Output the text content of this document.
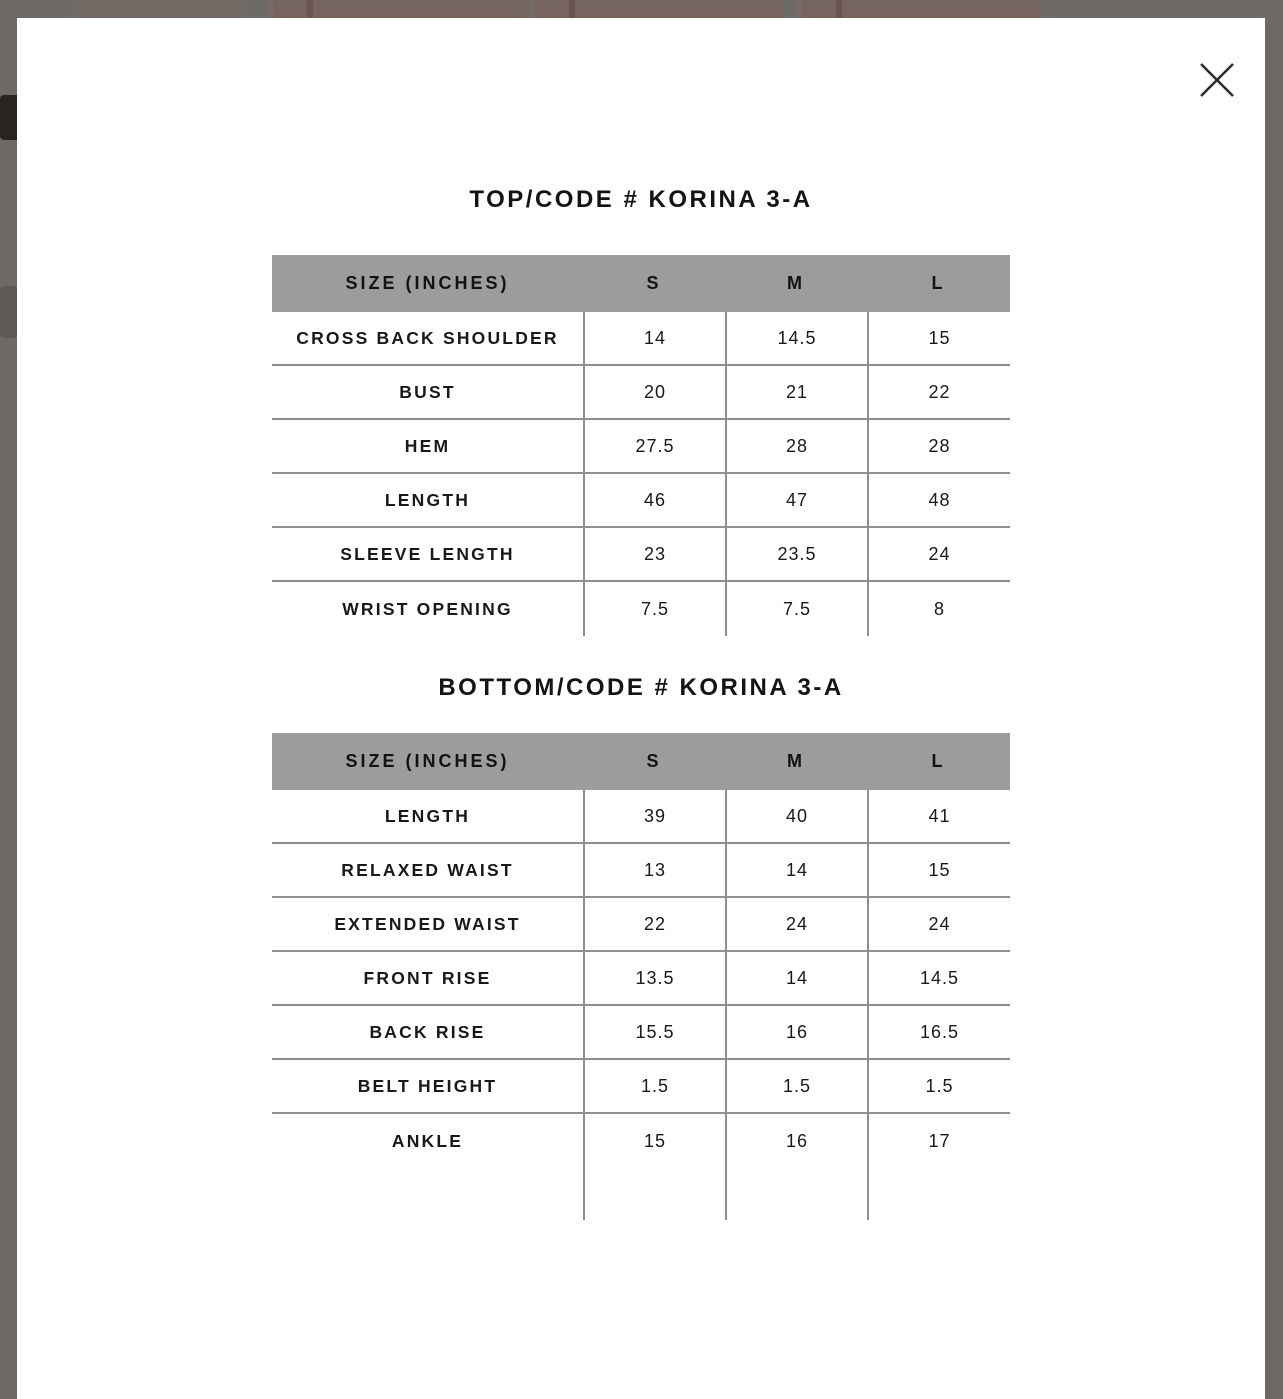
TOP/CODE # KORINA 3-A
SIZE (INCHES)	S	M	L
CROSS BACK SHOULDER	14	14.5	15
BUST	20	21	22
HEM	27.5	28	28
LENGTH	46	47	48
SLEEVE LENGTH	23	23.5	24
WRIST OPENING	7.5	7.5	8
BOTTOM/CODE # KORINA 3-A
SIZE (INCHES)	S	M	L
LENGTH	39	40	41
RELAXED WAIST	13	14	15
EXTENDED WAIST	22	24	24
FRONT RISE	13.5	14	14.5
BACK RISE	15.5	16	16.5
BELT HEIGHT	1.5	1.5	1.5
ANKLE	15	16	17
